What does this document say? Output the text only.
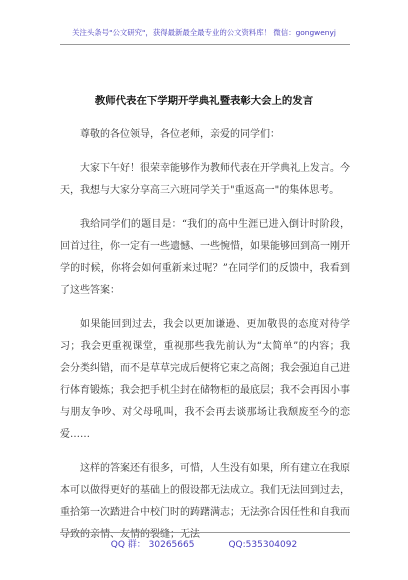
关注头条号"公文研究"，获得最新最全最专业的公文资料库！ 微信：gongwenyj
教师代表在下学期开学典礼暨表彰大会上的发言

尊敬的各位领导，各位老师，亲爱的同学们：

大家下午好！很荣幸能够作为教师代表在开学典礼上发言。今天，我想与大家分享高三六班同学关于"重返高一"的集体思考。

我给同学们的题目是：“我们的高中生涯已进入倒计时阶段，回首过往，你一定有一些遗憾、一些惋惜，如果能够回到高一刚开学的时候，你将会如何重新来过呢？”在同学们的反馈中，我看到了这些答案：

如果能回到过去，我会以更加谦逊、更加敬畏的态度对待学习；我会更重视课堂，重视那些我先前认为“太简单”的内容；我会分类纠错，而不是草草完成后便将它束之高阁；我会强迫自己进行体育锻炼；我会把手机尘封在储物柜的最底层；我不会再因小事与朋友争吵、对父母吼叫，我不会再去谈那场让我颓废至今的恋爱……

这样的答案还有很多，可惜，人生没有如果，所有建立在我原本可以做得更好的基础上的假设都无法成立。我们无法回到过去，重拾第一次踏进合中校门时的踌躇满志；无法弥合因任性和自我而导致的亲情、友情的裂缝；无法

QQ 群： 30265665	QQ:535304092
